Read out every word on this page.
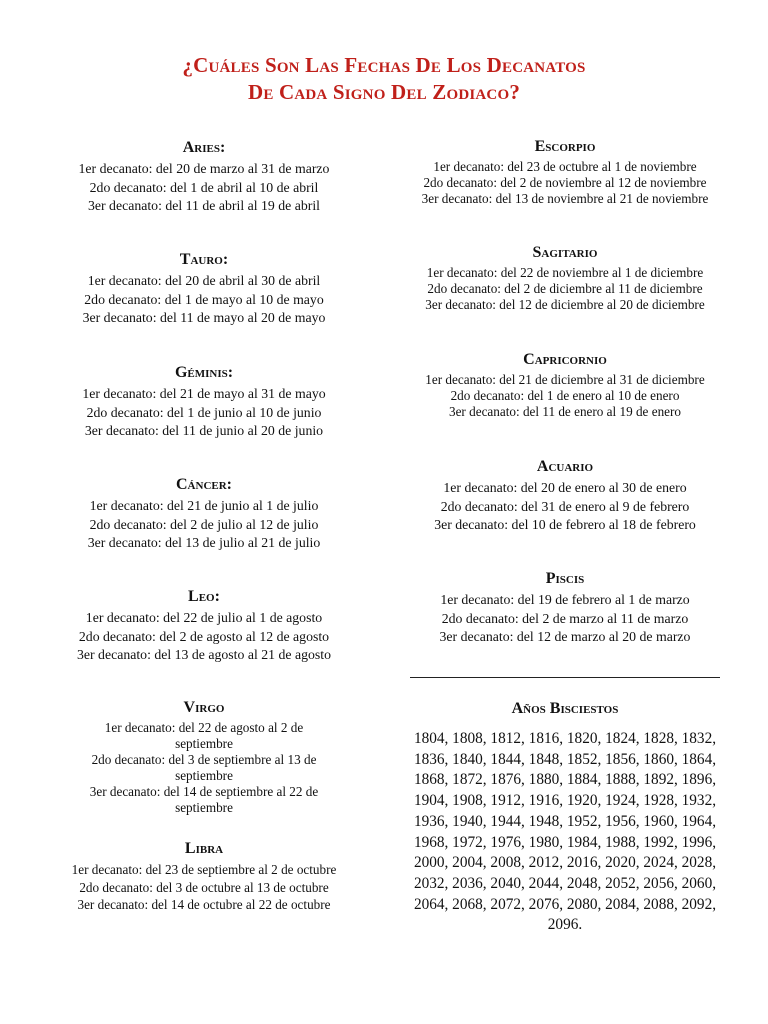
¿Cuáles Son Las Fechas De Los Decanatos
De Cada Signo Del Zodiaco?
Aries:
1er decanato: del 20 de marzo al 31 de marzo
2do decanato: del 1 de abril al 10 de abril
3er decanato: del 11 de abril al 19 de abril
Tauro:
1er decanato: del 20 de abril al 30 de abril
2do decanato: del 1 de mayo al 10 de mayo
3er decanato: del 11 de mayo al 20 de mayo
Géminis:
1er decanato: del 21 de mayo al 31 de mayo
2do decanato: del 1 de junio al 10 de junio
3er decanato: del 11 de junio al 20 de junio
Cáncer:
1er decanato: del 21 de junio al 1 de julio
2do decanato: del 2 de julio al 12 de julio
3er decanato: del 13 de julio al 21 de julio
Leo:
1er decanato: del 22 de julio al 1 de agosto
2do decanato: del 2 de agosto al 12 de agosto
3er decanato: del 13 de agosto al 21 de agosto
Virgo
1er decanato: del 22 de agosto al 2 de septiembre
2do decanato: del 3 de septiembre al 13 de septiembre
3er decanato: del 14 de septiembre al 22 de septiembre
Libra
1er decanato: del 23 de septiembre al 2 de octubre
2do decanato: del 3 de octubre al 13 de octubre
3er decanato: del 14 de octubre al 22 de octubre
Escorpio
1er decanato: del 23 de octubre al 1 de noviembre
2do decanato: del 2 de noviembre al 12 de noviembre
3er decanato: del 13 de noviembre al 21 de noviembre
Sagitario
1er decanato: del 22 de noviembre al 1 de diciembre
2do decanato: del 2 de diciembre al 11 de diciembre
3er decanato: del 12 de diciembre al 20 de diciembre
Capricornio
1er decanato: del 21 de diciembre al 31 de diciembre
2do decanato: del 1 de enero al 10 de enero
3er decanato: del 11 de enero al 19 de enero
Acuario
1er decanato: del 20 de enero al 30 de enero
2do decanato: del 31 de enero al 9 de febrero
3er decanato: del 10 de febrero al 18 de febrero
Piscis
1er decanato: del 19 de febrero al 1 de marzo
2do decanato: del 2 de marzo al 11 de marzo
3er decanato: del 12 de marzo al 20 de marzo
Años Bisciestos
1804, 1808, 1812, 1816, 1820, 1824, 1828, 1832, 1836, 1840, 1844, 1848, 1852, 1856, 1860, 1864, 1868, 1872, 1876, 1880, 1884, 1888, 1892, 1896, 1904, 1908, 1912, 1916, 1920, 1924, 1928, 1932, 1936, 1940, 1944, 1948, 1952, 1956, 1960, 1964, 1968, 1972, 1976, 1980, 1984, 1988, 1992, 1996, 2000, 2004, 2008, 2012, 2016, 2020, 2024, 2028, 2032, 2036, 2040, 2044, 2048, 2052, 2056, 2060, 2064, 2068, 2072, 2076, 2080, 2084, 2088, 2092, 2096.
